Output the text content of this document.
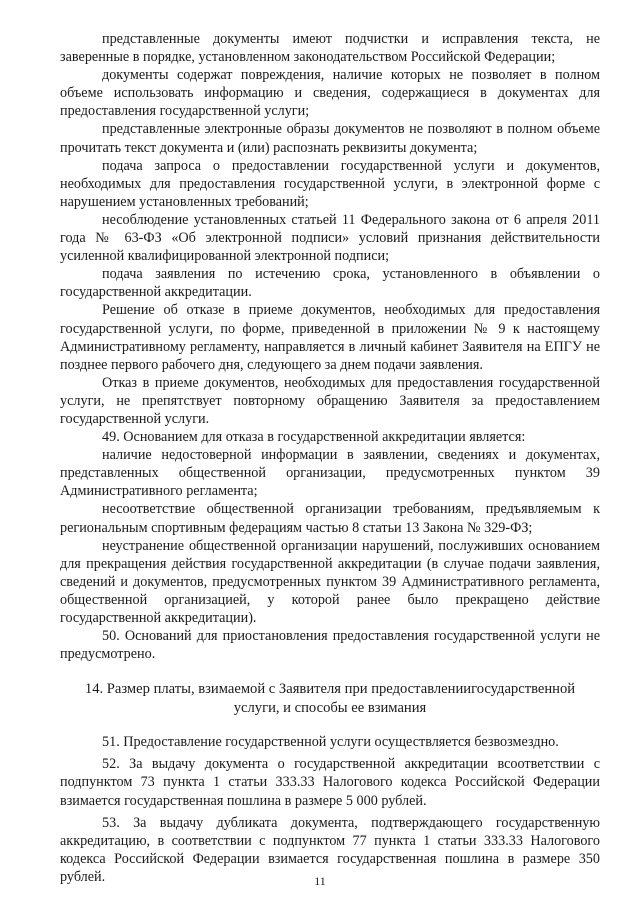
представленные документы имеют подчистки и исправления текста, не заверенные в порядке, установленном законодательством Российской Федерации;

документы содержат повреждения, наличие которых не позволяет в полном объеме использовать информацию и сведения, содержащиеся в документах для предоставления государственной услуги;

представленные электронные образы документов не позволяют в полном объеме прочитать текст документа и (или) распознать реквизиты документа;

подача запроса о предоставлении государственной услуги и документов, необходимых для предоставления государственной услуги, в электронной форме с нарушением установленных требований;

несоблюдение установленных статьей 11 Федерального закона от 6 апреля 2011 года № 63-ФЗ «Об электронной подписи» условий признания действительности усиленной квалифицированной электронной подписи;

подача заявления по истечению срока, установленного в объявлении о государственной аккредитации.

Решение об отказе в приеме документов, необходимых для предоставления государственной услуги, по форме, приведенной в приложении № 9 к настоящему Административному регламенту, направляется в личный кабинет Заявителя на ЕПГУ не позднее первого рабочего дня, следующего за днем подачи заявления.

Отказ в приеме документов, необходимых для предоставления государственной услуги, не препятствует повторному обращению Заявителя за предоставлением государственной услуги.

49. Основанием для отказа в государственной аккредитации является:

наличие недостоверной информации в заявлении, сведениях и документах, представленных общественной организации, предусмотренных пунктом 39 Административного регламента;

несоответствие общественной организации требованиям, предъявляемым к региональным спортивным федерациям частью 8 статьи 13 Закона № 329-ФЗ;

неустранение общественной организации нарушений, послуживших основанием для прекращения действия государственной аккредитации (в случае подачи заявления, сведений и документов, предусмотренных пунктом 39 Административного регламента, общественной организацией, у которой ранее было прекращено действие государственной аккредитации).

50. Оснований для приостановления предоставления государственной услуги не предусмотрено.

14. Размер платы, взимаемой с Заявителя при предоставлениигосударственной
услуги, и способы ее взимания

51. Предоставление государственной услуги осуществляется безвозмездно.

52. За выдачу документа о государственной аккредитации всоответствии с подпунктом 73 пункта 1 статьи 333.33 Налогового кодекса Российской Федерации взимается государственная пошлина в размере 5 000 рублей.

53. За выдачу дубликата документа, подтверждающего государственную аккредитацию, в соответствии с подпунктом 77 пункта 1 статьи 333.33 Налогового кодекса Российской Федерации взимается государственная пошлина в размере 350 рублей.	11
